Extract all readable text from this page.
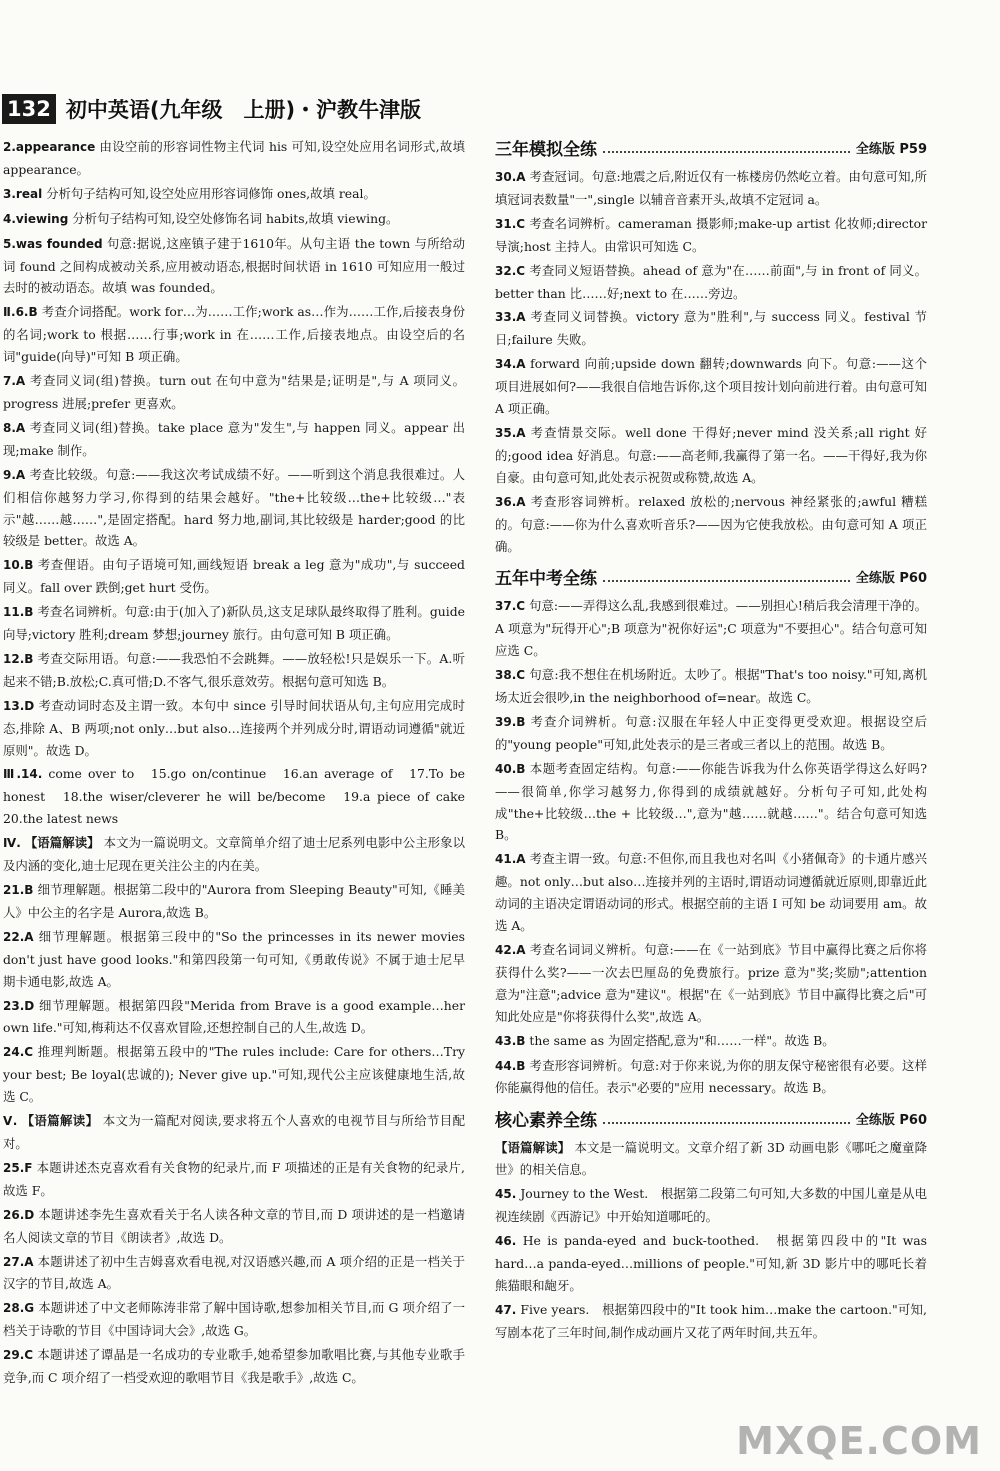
132 初中英语(九年级　上册)・沪教牛津版
2.appearance 由设空前的形容词性物主代词 his 可知,设空处应用名词形式,故填 appearance。
3.real 分析句子结构可知,设空处应用形容词修饰 ones,故填 real。
4.viewing 分析句子结构可知,设空处修饰名词 habits,故填 viewing。
5.was founded 句意:据说,这座镇子建于1610年。从句主语 the town 与所给动词 found 之间构成被动关系,应用被动语态,根据时间状语 in 1610 可知应用一般过去时的被动语态。故填 was founded。
Ⅱ.6.B 考查介词搭配。work for…为……工作;work as…作为……工作,后接表身份的名词;work to 根据……行事;work in 在……工作,后接表地点。由设空后的名词"guide(向导)"可知 B 项正确。
7.A 考查同义词(组)替换。turn out 在句中意为"结果是;证明是",与 A 项同义。progress 进展;prefer 更喜欢。
8.A 考查同义词(组)替换。take place 意为"发生",与 happen 同义。appear 出现;make 制作。
9.A 考查比较级。句意:——我这次考试成绩不好。——听到这个消息我很难过。人们相信你越努力学习,你得到的结果会越好。"the+比较级…the+比较级…"表示"越……越……",是固定搭配。hard 努力地,副词,其比较级是 harder;good 的比较级是 better。故选 A。
10.B 考查俚语。由句子语境可知,画线短语 break a leg 意为"成功",与 succeed 同义。fall over 跌倒;get hurt 受伤。
11.B 考查名词辨析。句意:由于(加入了)新队员,这支足球队最终取得了胜利。guide 向导;victory 胜利;dream 梦想;journey 旅行。由句意可知 B 项正确。
12.B 考查交际用语。句意:——我恐怕不会跳舞。——放轻松!只是娱乐一下。A.听起来不错;B.放松;C.真可惜;D.不客气,很乐意效劳。根据句意可知选 B。
13.D 考查动词时态及主谓一致。本句中 since 引导时间状语从句,主句应用完成时态,排除 A、B 两项;not only…but also…连接两个并列成分时,谓语动词遵循"就近原则"。故选 D。
Ⅲ.14. come over to　15.go on/continue　16.an average of　17.To be honest　18.the wiser/cleverer he will be/become　19.a piece of cake　20.the latest news
Ⅳ. 【语篇解读】 本文为一篇说明文。文章简单介绍了迪士尼系列电影中公主形象以及内涵的变化,迪士尼现在更关注公主的内在美。
21.B 细节理解题。根据第二段中的"Aurora from Sleeping Beauty"可知,《睡美人》中公主的名字是 Aurora,故选 B。
22.A 细节理解题。根据第三段中的"So the princesses in its newer movies don't just have good looks."和第四段第一句可知,《勇敢传说》不属于迪士尼早期卡通电影,故选 A。
23.D 细节理解题。根据第四段"Merida from Brave is a good example…her own life."可知,梅莉达不仅喜欢冒险,还想控制自己的人生,故选 D。
24.C 推理判断题。根据第五段中的"The rules include: Care for others…Try your best; Be loyal(忠诚的); Never give up."可知,现代公主应该健康地生活,故选 C。
Ⅴ. 【语篇解读】 本文为一篇配对阅读,要求将五个人喜欢的电视节目与所给节目配对。
25.F 本题讲述杰克喜欢看有关食物的纪录片,而 F 项描述的正是有关食物的纪录片,故选 F。
26.D 本题讲述李先生喜欢看关于名人读各种文章的节目,而 D 项讲述的是一档邀请名人阅读文章的节目《朗读者》,故选 D。
27.A 本题讲述了初中生吉姆喜欢看电视,对汉语感兴趣,而 A 项介绍的正是一档关于汉字的节目,故选 A。
28.G 本题讲述了中文老师陈涛非常了解中国诗歌,想参加相关节目,而 G 项介绍了一档关于诗歌的节目《中国诗词大会》,故选 G。
29.C 本题讲述了谭晶是一名成功的专业歌手,她希望参加歌唱比赛,与其他专业歌手竞争,而 C 项介绍了一档受欢迎的歌唱节目《我是歌手》,故选 C。
三年模拟全练	全练版 P59
30.A 考查冠词。句意:地震之后,附近仅有一栋楼房仍然屹立着。由句意可知,所填冠词表数量"一",single 以辅音音素开头,故填不定冠词 a。
31.C 考查名词辨析。cameraman 摄影师;make-up artist 化妆师;director 导演;host 主持人。由常识可知选 C。
32.C 考查同义短语替换。ahead of 意为"在……前面",与 in front of 同义。better than 比……好;next to 在……旁边。
33.A 考查同义词替换。victory 意为"胜利",与 success 同义。festival 节日;failure 失败。
34.A forward 向前;upside down 翻转;downwards 向下。句意:——这个项目进展如何?——我很自信地告诉你,这个项目按计划向前进行着。由句意可知 A 项正确。
35.A 考查情景交际。well done 干得好;never mind 没关系;all right 好的;good idea 好消息。句意:——高老师,我赢得了第一名。——干得好,我为你自豪。由句意可知,此处表示祝贺或称赞,故选 A。
36.A 考查形容词辨析。relaxed 放松的;nervous 神经紧张的;awful 糟糕的。句意:——你为什么喜欢听音乐?——因为它使我放松。由句意可知 A 项正确。
五年中考全练	全练版 P60
37.C 句意:——弄得这么乱,我感到很难过。——别担心!稍后我会清理干净的。A 项意为"玩得开心";B 项意为"祝你好运";C 项意为"不要担心"。结合句意可知应选 C。
38.C 句意:我不想住在机场附近。太吵了。根据"That's too noisy."可知,离机场太近会很吵,in the neighborhood of=near。故选 C。
39.B 考查介词辨析。句意:汉服在年轻人中正变得更受欢迎。根据设空后的"young people"可知,此处表示的是三者或三者以上的范围。故选 B。
40.B 本题考查固定结构。句意:——你能告诉我为什么你英语学得这么好吗?——很简单,你学习越努力,你得到的成绩就越好。分析句子可知,此处构成"the+比较级…the + 比较级…",意为"越……就越……"。结合句意可知选 B。
41.A 考查主谓一致。句意:不但你,而且我也对名叫《小猪佩奇》的卡通片感兴趣。not only…but also…连接并列的主语时,谓语动词遵循就近原则,即靠近此动词的主语决定谓语动词的形式。根据空前的主语 I 可知 be 动词要用 am。故选 A。
42.A 考查名词词义辨析。句意:——在《一站到底》节目中赢得比赛之后你将获得什么奖?——一次去巴厘岛的免费旅行。prize 意为"奖;奖励";attention 意为"注意";advice 意为"建议"。根据"在《一站到底》节目中赢得比赛之后"可知此处应是"你将获得什么奖",故选 A。
43.B the same as 为固定搭配,意为"和……一样"。故选 B。
44.B 考查形容词辨析。句意:对于你来说,为你的朋友保守秘密很有必要。这样你能赢得他的信任。表示"必要的"应用 necessary。故选 B。
核心素养全练	全练版 P60
【语篇解读】 本文是一篇说明文。文章介绍了新 3D 动画电影《哪吒之魔童降世》的相关信息。
45. Journey to the West.　根据第二段第二句可知,大多数的中国儿童是从电视连续剧《西游记》中开始知道哪吒的。
46. He is panda-eyed and buck-toothed.　根据第四段中的"It was hard…a panda-eyed…millions of people."可知,新 3D 影片中的哪吒长着熊猫眼和龅牙。
47. Five years.　根据第四段中的"It took him…make the cartoon."可知,写剧本花了三年时间,制作成动画片又花了两年时间,共五年。
MXQE.COM
